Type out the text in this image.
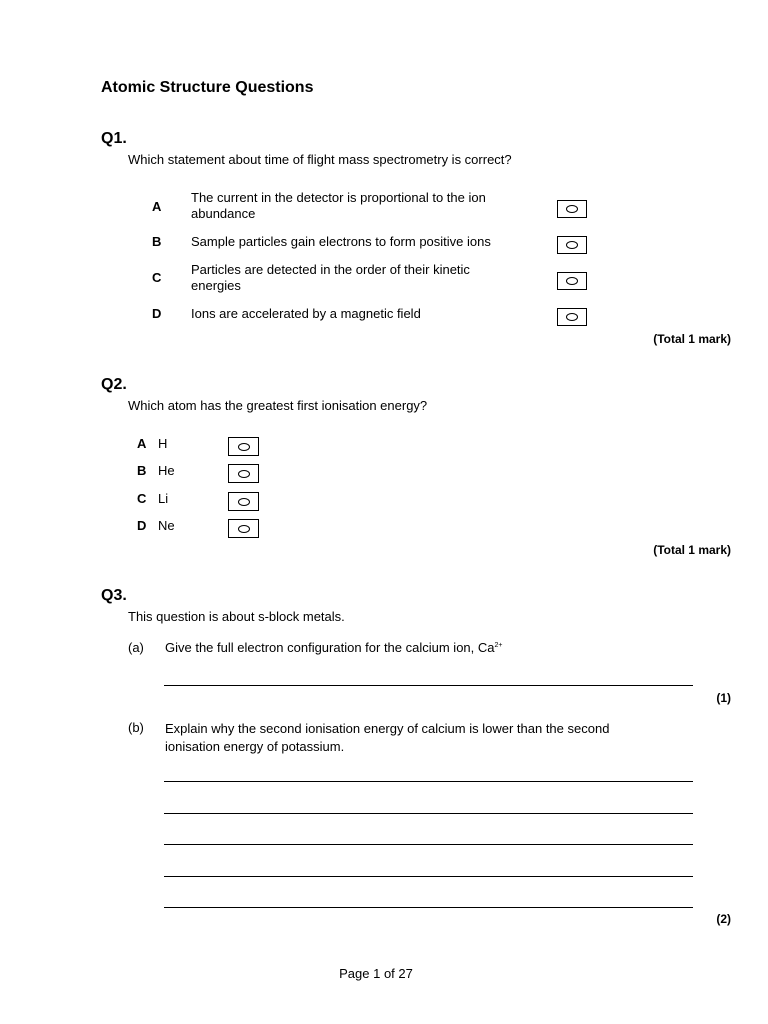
Atomic Structure Questions
Q1.
Which statement about time of flight mass spectrometry is correct?
A
The current in the detector is proportional to the ion
abundance
B Sample particles gain electrons to form positive ions
C
Particles are detected in the order of their kinetic
energies
D Ions are accelerated by a magnetic field
(Total 1 mark)
Q2.
Which atom has the greatest first ionisation energy?
A H
B He
C Li
D Ne
(Total 1 mark)
Q3.
This question is about s-block metals.
(a) Give the full electron configuration for the calcium ion, $Ca^{2+}$
(1)
(b) Explain why the second ionisation energy of calcium is lower than the second
ionisation energy of potassium.
(2)
Page 1 of 27
